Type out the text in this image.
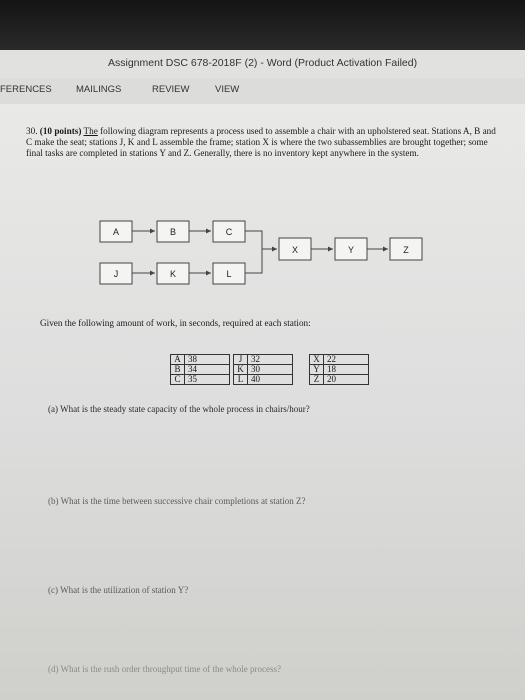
Assignment DSC 678-2018F (2) - Word (Product Activation Failed)
FERENCES	MAILINGS	REVIEW	VIEW
30. (10 points) The following diagram represents a process used to assemble a chair with an upholstered seat. Stations A, B and C make the seat; stations J, K and L assemble the frame; station X is where the two subassemblies are brought together; some final tasks are completed in stations Y and Z. Generally, there is no inventory kept anywhere in the system.
A	B	C
J	K	L
X	Y	Z
Given the following amount of work, in seconds, required at each station:
A	38
B	34
C	35
J	32
K	30
L	40
X	22
Y	18
Z	20
(a) What is the steady state capacity of the whole process in chairs/hour?
(b) What is the time between successive chair completions at station Z?
(c) What is the utilization of station Y?
(d) What is the rush order throughput time of the whole process?
